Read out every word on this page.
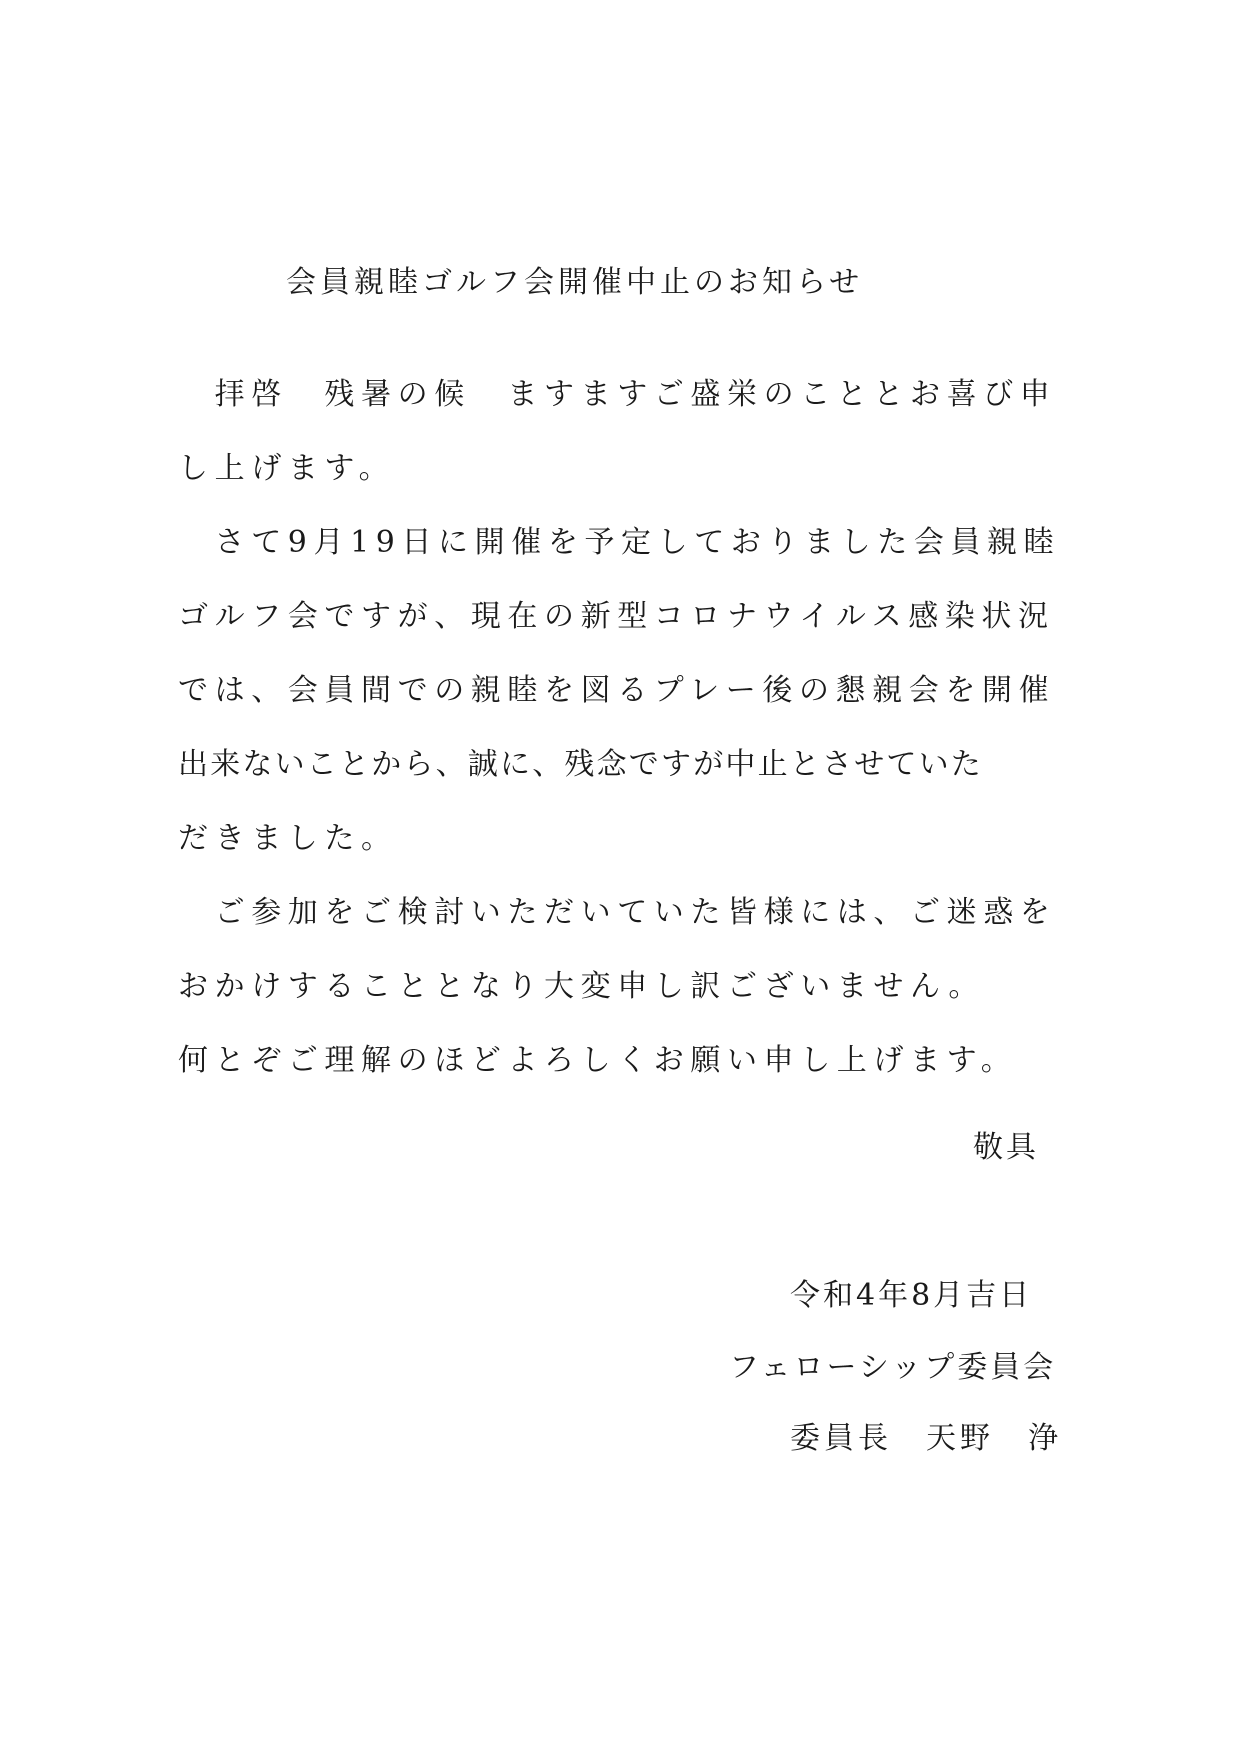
会員親睦ゴルフ会開催中止のお知らせ
　拝啓　残暑の候　ますますご盛栄のこととお喜び申
し上げます。
　さて9月19日に開催を予定しておりました会員親睦
ゴルフ会ですが、現在の新型コロナウイルス感染状況
では、会員間での親睦を図るプレー後の懇親会を開催
出来ないことから、誠に、残念ですが中止とさせていた
だきました。
　ご参加をご検討いただいていた皆様には、ご迷惑を
おかけすることとなり大変申し訳ございません。
何とぞご理解のほどよろしくお願い申し上げます。
敬具
令和4年8月吉日
フェローシップ委員会
委員長　天野　浄
